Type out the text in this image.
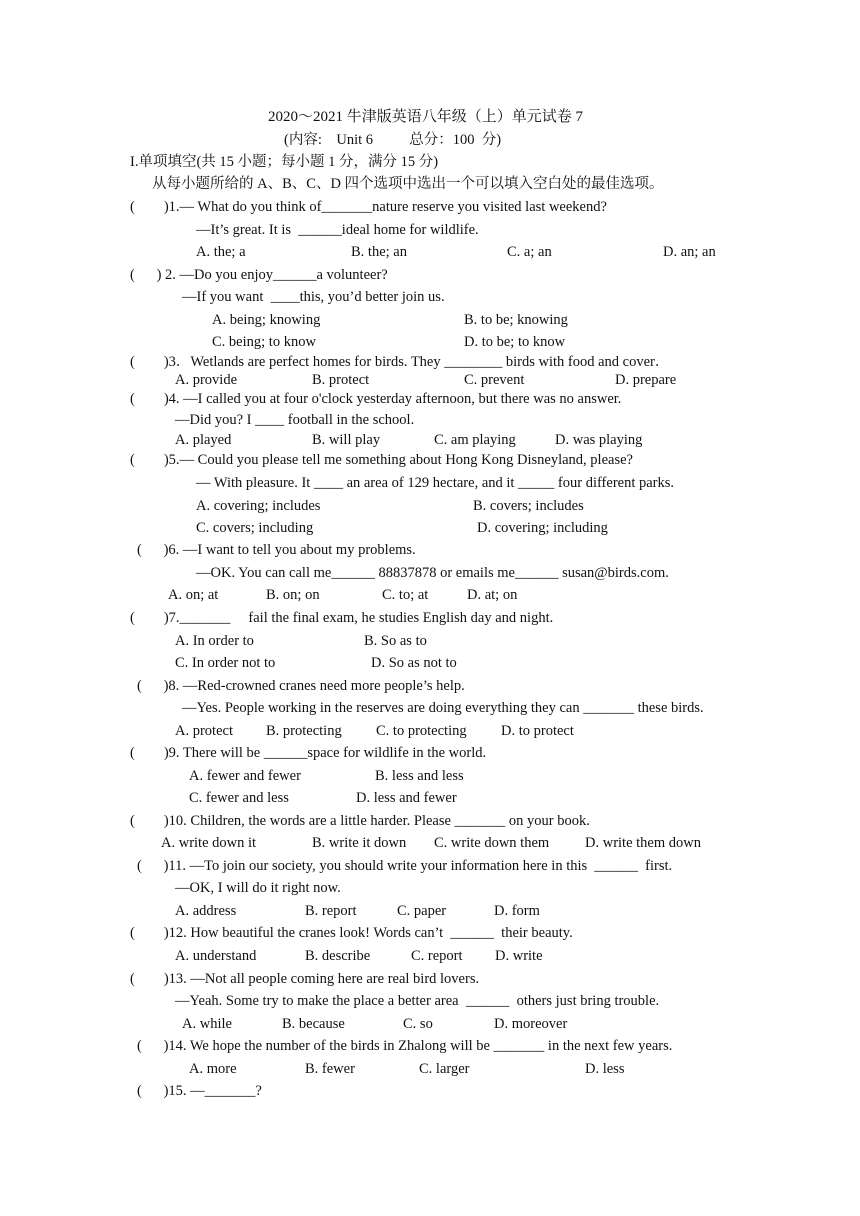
2020～2021 牛津版英语八年级（上）单元试卷 7
(内容:    Unit 6          总分：100  分)
I.单项填空(共 15 小题；每小题 1 分，满分 15 分)
从每小题所给的 A、B、C、D 四个选项中选出一个可以填入空白处的最佳选项。
(        )1.— What do you think of_______nature reserve you visited last weekend?
—It’s great. It is  ______ideal home for wildlife.
A. the; a	B. the; an	C. a; an	D. an; an
(      ) 2. —Do you enjoy______a volunteer?
—If you want  ____this, you’d better join us.
A. being; knowing	B. to be; knowing
C. being; to know	D. to be; to know
(        )3．Wetlands are perfect homes for birds. They ________ birds with food and cover．
A. provide	B. protect	C. prevent	D. prepare
(        )4. —I called you at four o'clock yesterday afternoon, but there was no answer.
—Did you? I ____ football in the school.
A. played	B. will play	C. am playing	D. was playing
(        )5.— Could you please tell me something about Hong Kong Disneyland, please?
— With pleasure. It ____ an area of 129 hectare, and it _____ four different parks.
A. covering; includes	B. covers; includes
C. covers; including	D. covering; including
(      )6. —I want to tell you about my problems.
—OK. You can call me______ 88837878 or emails me______ susan@birds.com.
A. on; at	B. on; on	C. to; at	D. at; on
(        )7._______     fail the final exam, he studies English day and night.
A. In order to	B. So as to
C. In order not to	D. So as not to
(      )8. —Red-crowned cranes need more people’s help.
—Yes. People working in the reserves are doing everything they can _______ these birds.
A. protect B. protecting C. to protecting D. to protect
(        )9. There will be ______space for wildlife in the world.
A. fewer and fewer	B. less and less
C. fewer and less	D. less and fewer
(        )10. Children, the words are a little harder. Please _______ on your book.
A. write down it	B. write it down C. write down them D. write them down
(      )11. —To join our society, you should write your information here in this  ______  first.
—OK, I will do it right now.
A. address	B. report	C. paper	D. form
(        )12. How beautiful the cranes look! Words can’t  ______  their beauty.
A. understand	B. describe	C. report D. write
(        )13. —Not all people coming here are real bird lovers.
—Yeah. Some try to make the place a better area  ______  others just bring trouble.
A. while	B. because	C. so	D. moreover
(      )14. We hope the number of the birds in Zhalong will be _______ in the next few years.
A. more	B. fewer	C. larger	D. less
(      )15. —_______?
